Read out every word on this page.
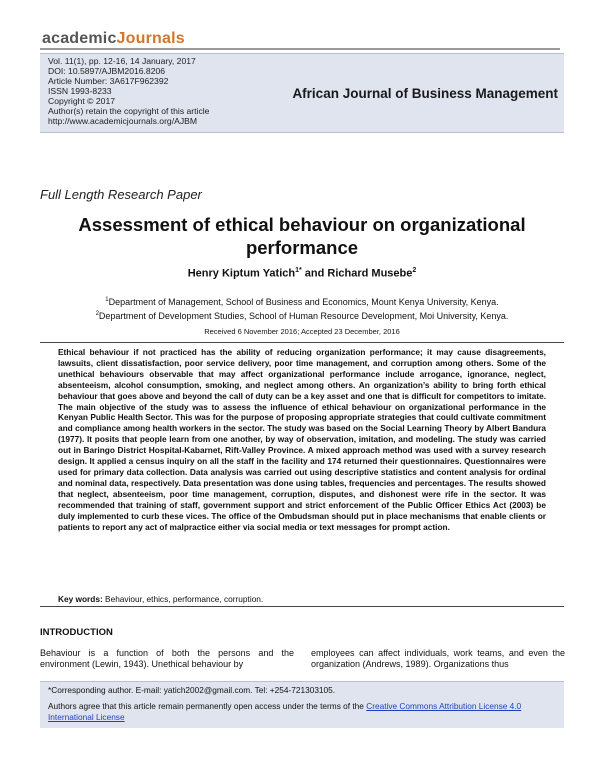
academicJournals
Vol. 11(1), pp. 12-16, 14 January, 2017
DOI: 10.5897/AJBM2016.8206
Article Number: 3A617F962392
ISSN 1993-8233
Copyright © 2017
Author(s) retain the copyright of this article
http://www.academicjournals.org/AJBM
African Journal of Business Management
Full Length Research Paper
Assessment of ethical behaviour on organizational performance
Henry Kiptum Yatich$^{1*}$ and Richard Musebe$^2$
$^1$Department of Management, School of Business and Economics, Mount Kenya University, Kenya.
$^2$Department of Development Studies, School of Human Resource Development, Moi University, Kenya.
Received 6 November 2016; Accepted 23 December, 2016

Ethical behaviour if not practiced has the ability of reducing organization performance; it may cause disagreements, lawsuits, client dissatisfaction, poor service delivery, poor time management, and corruption among others. Some of the unethical behaviours observable that may affect organizational performance include arrogance, ignorance, neglect, absenteeism, alcohol consumption, smoking, and neglect among others. An organization’s ability to bring forth ethical behaviour that goes above and beyond the call of duty can be a key asset and one that is difficult for competitors to imitate. The main objective of the study was to assess the influence of ethical behaviour on organizational performance in the Kenyan Public Health Sector. This was for the purpose of proposing appropriate strategies that could cultivate commitment and compliance among health workers in the sector. The study was based on the Social Learning Theory by Albert Bandura (1977). It posits that people learn from one another, by way of observation, imitation, and modeling. The study was carried out in Baringo District Hospital-Kabarnet, Rift-Valley Province. A mixed approach method was used with a survey research design. It applied a census inquiry on all the staff in the facility and 174 returned their questionnaires. Questionnaires were used for primary data collection. Data analysis was carried out using descriptive statistics and content analysis for ordinal and nominal data, respectively. Data presentation was done using tables, frequencies and percentages. The results showed that neglect, absenteeism, poor time management, corruption, disputes, and dishonest were rife in the sector. It was recommended that training of staff, government support and strict enforcement of the Public Officer Ethics Act (2003) be duly implemented to curb these vices. The office of the Ombudsman should put in place mechanisms that enable clients or patients to report any act of malpractice either via social media or text messages for prompt action.

Key words: Behaviour, ethics, performance, corruption.
INTRODUCTION

Behaviour is a function of both the persons and the environment (Lewin, 1943). Unethical behaviour by

employees can affect individuals, work teams, and even the organization (Andrews, 1989). Organizations thus

*Corresponding author. E-mail: yatich2002@gmail.com. Tel: +254-721303105.

Authors agree that this article remain permanently open access under the terms of the Creative Commons Attribution License 4.0 International License
